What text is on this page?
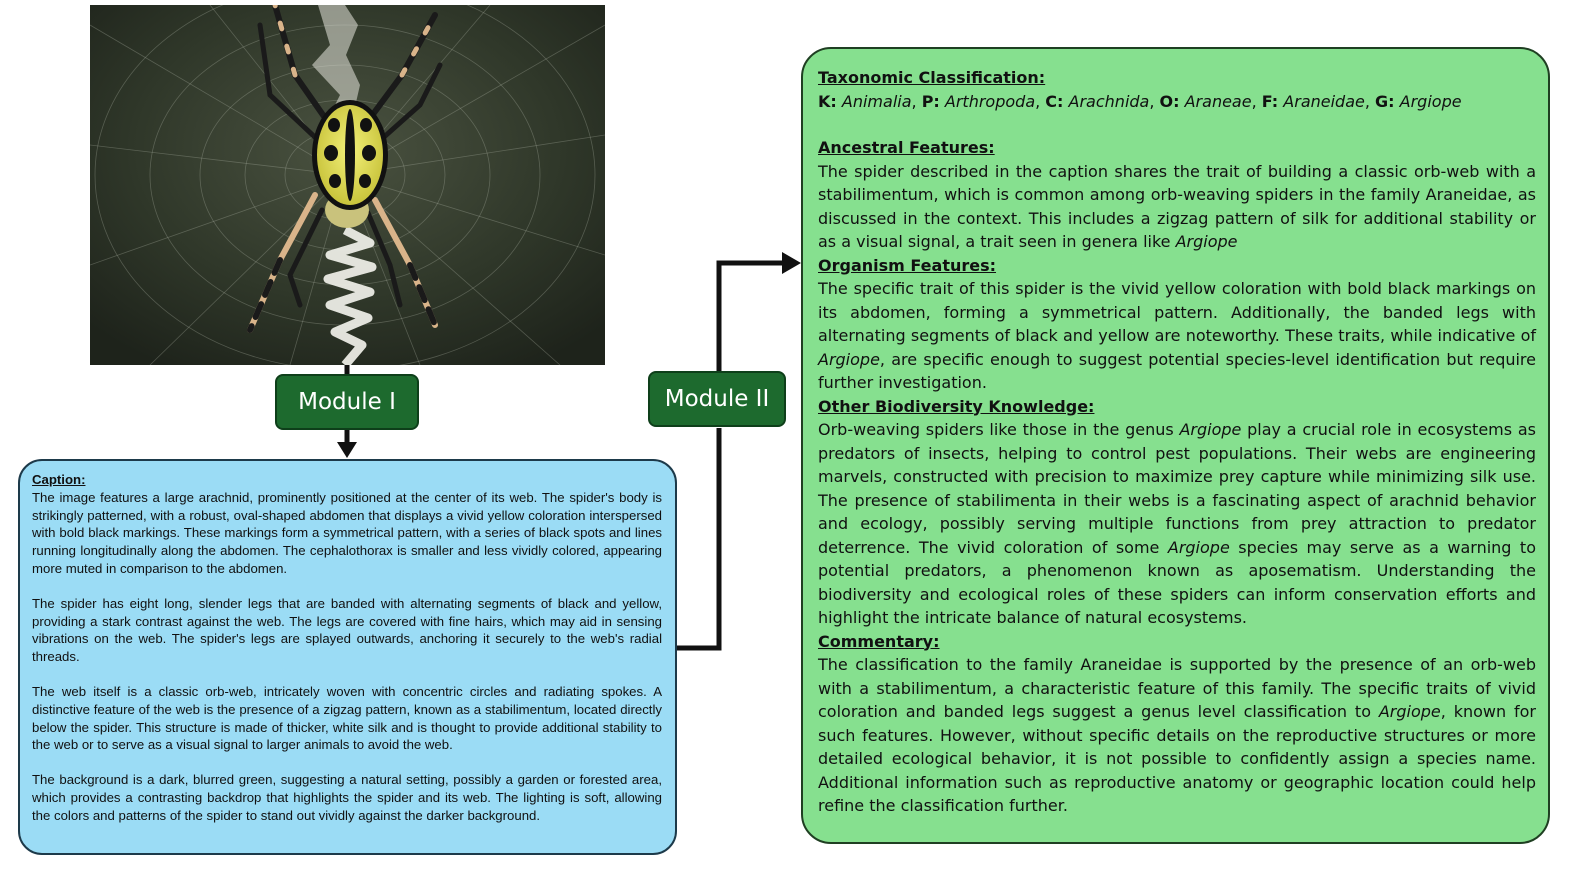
Module I	Module II
Caption:

The image features a large arachnid, prominently positioned at the center of its web. The spider's body is strikingly patterned, with a robust, oval-shaped abdomen that displays a vivid yellow coloration interspersed with bold black markings. These markings form a symmetrical pattern, with a series of black spots and lines running longitudinally along the abdomen. The cephalothorax is smaller and less vividly colored, appearing more muted in comparison to the abdomen.

The spider has eight long, slender legs that are banded with alternating segments of black and yellow, providing a stark contrast against the web. The legs are covered with fine hairs, which may aid in sensing vibrations on the web. The spider's legs are splayed outwards, anchoring it securely to the web's radial threads.

The web itself is a classic orb-web, intricately woven with concentric circles and radiating spokes. A distinctive feature of the web is the presence of a zigzag pattern, known as a stabilimentum, located directly below the spider. This structure is made of thicker, white silk and is thought to provide additional stability to the web or to serve as a visual signal to larger animals to avoid the web.

The background is a dark, blurred green, suggesting a natural setting, possibly a garden or forested area, which provides a contrasting backdrop that highlights the spider and its web. The lighting is soft, allowing the colors and patterns of the spider to stand out vividly against the darker background.

Taxonomic Classification:

K: Animalia, P: Arthropoda, C: Arachnida, O: Araneae, F: Araneidae, G: Argiope

Ancestral Features:

The spider described in the caption shares the trait of building a classic orb-web with a stabilimentum, which is common among orb-weaving spiders in the family Araneidae, as discussed in the context. This includes a zigzag pattern of silk for additional stability or as a visual signal, a trait seen in genera like Argiope

Organism Features:

The specific trait of this spider is the vivid yellow coloration with bold black markings on its abdomen, forming a symmetrical pattern. Additionally, the banded legs with alternating segments of black and yellow are noteworthy. These traits, while indicative of Argiope, are specific enough to suggest potential species-level identification but require further investigation.

Other Biodiversity Knowledge:

Orb-weaving spiders like those in the genus Argiope play a crucial role in ecosystems as predators of insects, helping to control pest populations. Their webs are engineering marvels, constructed with precision to maximize prey capture while minimizing silk use. The presence of stabilimenta in their webs is a fascinating aspect of arachnid behavior and ecology, possibly serving multiple functions from prey attraction to predator deterrence. The vivid coloration of some Argiope species may serve as a warning to potential predators, a phenomenon known as aposematism. Understanding the biodiversity and ecological roles of these spiders can inform conservation efforts and highlight the intricate balance of natural ecosystems.

Commentary:

The classification to the family Araneidae is supported by the presence of an orb-web with a stabilimentum, a characteristic feature of this family. The specific traits of vivid coloration and banded legs suggest a genus level classification to Argiope, known for such features. However, without specific details on the reproductive structures or more detailed ecological behavior, it is not possible to confidently assign a species name. Additional information such as reproductive anatomy or geographic location could help refine the classification further.
